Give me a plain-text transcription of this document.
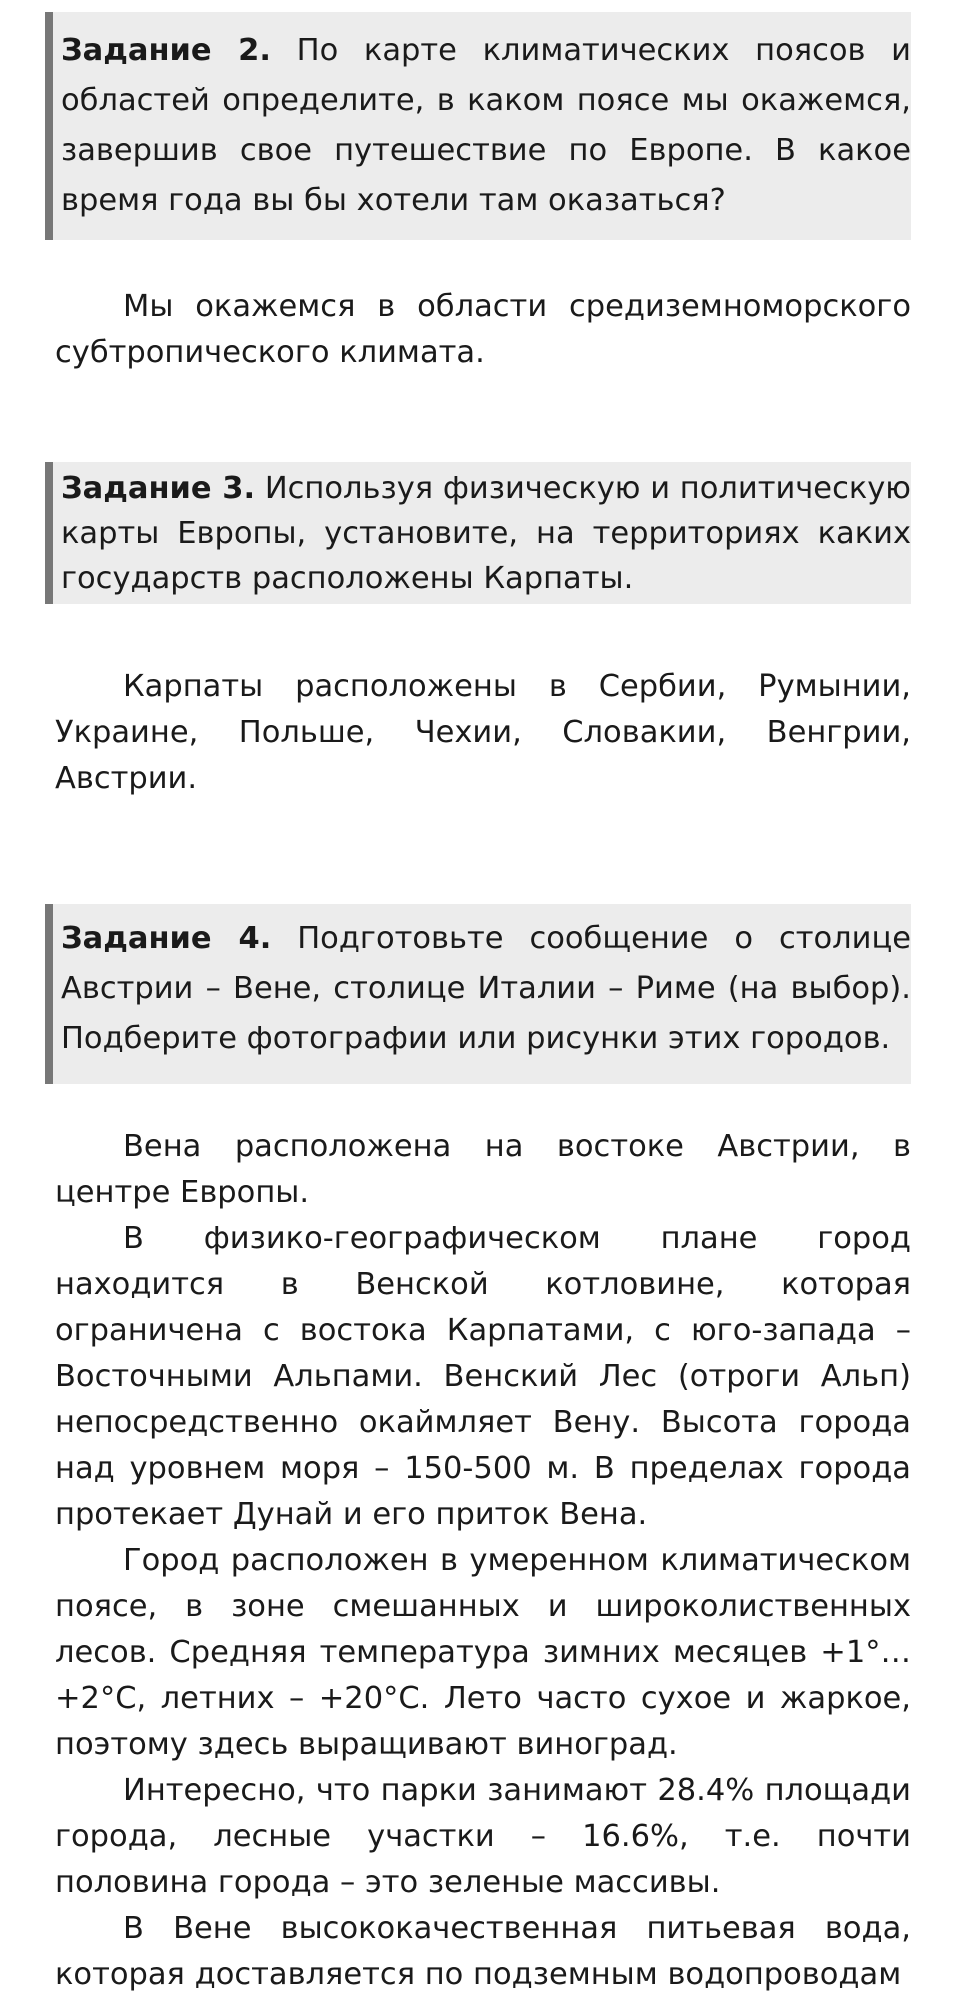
Задание 2. По карте климатических поясов и областей определите, в каком поясе мы окажемся, завершив свое путешествие по Европе. В какое время года вы бы хотели там оказаться?

Мы окажемся в области средиземноморского субтропического климата.

Задание 3. Используя физическую и политическую карты Европы, установите, на территориях каких государств расположены Карпаты.

Карпаты расположены в Сербии, Румынии, Украине, Польше, Чехии, Словакии, Венгрии, Австрии.

Задание 4. Подготовьте сообщение о столице Австрии – Вене, столице Италии – Риме (на выбор). Подберите фотографии или рисунки этих городов.

Вена расположена на востоке Австрии, в центре Европы.

В физико-географическом плане город находится в Венской котловине, которая ограничена с востока Карпатами, с юго-запада – Восточными Альпами. Венский Лес (отроги Альп) непосредственно окаймляет Вену. Высота города над уровнем моря – 150-500 м. В пределах города протекает Дунай и его приток Вена.

Город расположен в умеренном климатическом поясе, в зоне смешанных и широколиственных лесов. Средняя температура зимних месяцев +1°…+2°С, летних – +20°С. Лето часто сухое и жаркое, поэтому здесь выращивают виноград.

Интересно, что парки занимают 28.4% площади города, лесные участки – 16.6%, т.е. почти половина города – это зеленые массивы.

В Вене высококачественная питьевая вода, которая доставляется по подземным водопроводам
